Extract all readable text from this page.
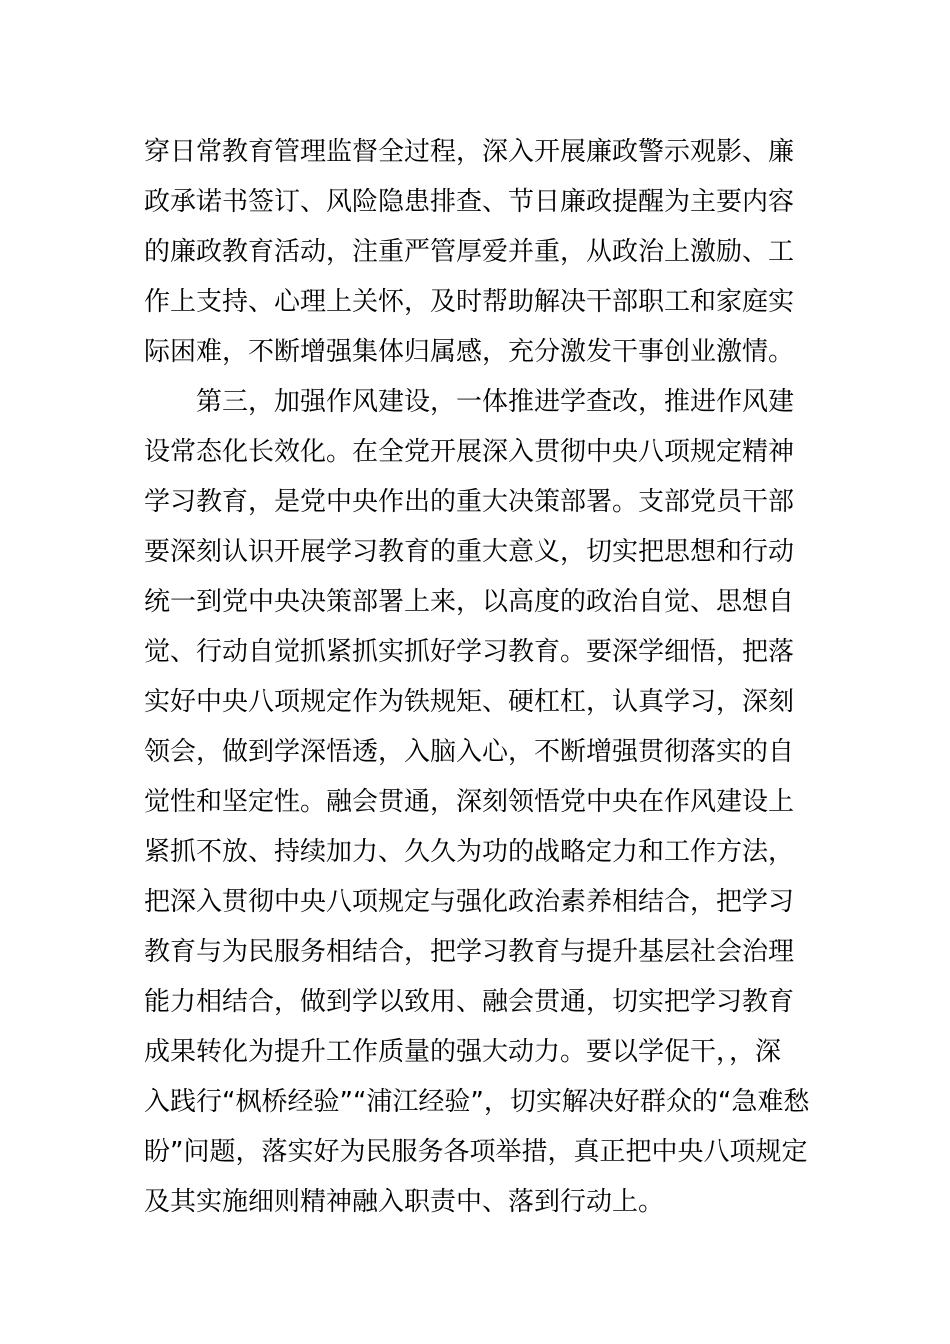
穿日常教育管理监督全过程，深入开展廉政警示观影、廉
政承诺书签订、风险隐患排查、节日廉政提醒为主要内容
的廉政教育活动，注重严管厚爱并重，从政治上激励、工
作上支持、心理上关怀，及时帮助解决干部职工和家庭实
际困难，不断增强集体归属感，充分激发干事创业激情。
第三，加强作风建设，一体推进学查改，推进作风建
设常态化长效化。在全党开展深入贯彻中央八项规定精神
学习教育，是党中央作出的重大决策部署。支部党员干部
要深刻认识开展学习教育的重大意义，切实把思想和行动
统一到党中央决策部署上来，以高度的政治自觉、思想自
觉、行动自觉抓紧抓实抓好学习教育。要深学细悟，把落
实好中央八项规定作为铁规矩、硬杠杠，认真学习，深刻
领会，做到学深悟透，入脑入心，不断增强贯彻落实的自
觉性和坚定性。融会贯通，深刻领悟党中央在作风建设上
紧抓不放、持续加力、久久为功的战略定力和工作方法，
把深入贯彻中央八项规定与强化政治素养相结合，把学习
教育与为民服务相结合，把学习教育与提升基层社会治理
能力相结合，做到学以致用、融会贯通，切实把学习教育
成果转化为提升工作质量的强大动力。要以学促干，，深
入践行“枫桥经验”“浦江经验”，切实解决好群众的“急难愁
盼”问题，落实好为民服务各项举措，真正把中央八项规定
及其实施细则精神融入职责中、落到行动上。
